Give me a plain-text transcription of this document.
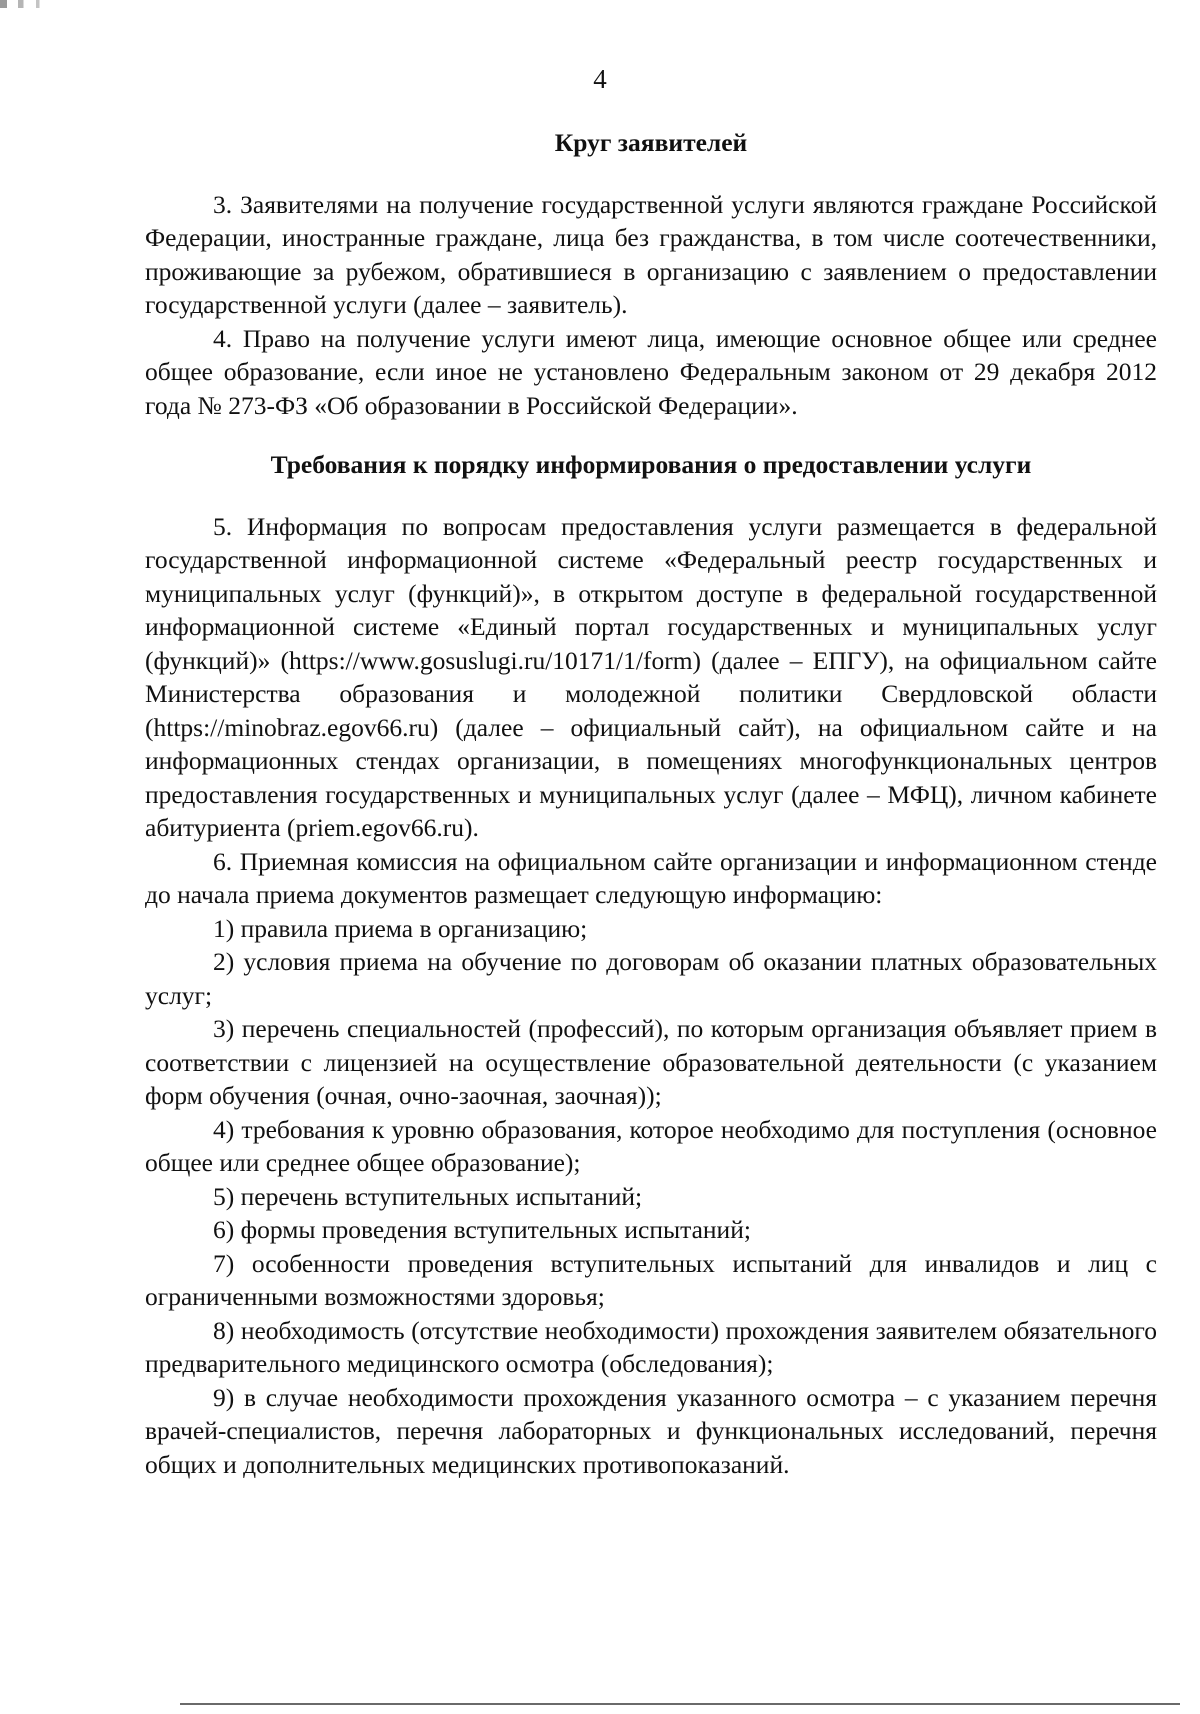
4
Круг заявителей

3. Заявителями на получение государственной услуги являются граждане Российской Федерации, иностранные граждане, лица без гражданства, в том числе соотечественники, проживающие за рубежом, обратившиеся в организацию с заявлением о предоставлении государственной услуги (далее – заявитель).

4. Право на получение услуги имеют лица, имеющие основное общее или среднее общее образование, если иное не установлено Федеральным законом от 29 декабря 2012 года № 273-ФЗ «Об образовании в Российской Федерации».

Требования к порядку информирования о предоставлении услуги

5. Информация по вопросам предоставления услуги размещается в федеральной государственной информационной системе «Федеральный реестр государственных и муниципальных услуг (функций)», в открытом доступе в федеральной государственной информационной системе «Единый портал государственных и муниципальных услуг (функций)» (https://www.gosuslugi.ru/10171/1/form) (далее – ЕПГУ), на официальном сайте Министерства образования и молодежной политики Свердловской области (https://minobraz.egov66.ru) (далее – официальный сайт), на официальном сайте и на информационных стендах организации, в помещениях многофункциональных центров предоставления государственных и муниципальных услуг (далее – МФЦ), личном кабинете абитуриента (priem.egov66.ru).

6. Приемная комиссия на официальном сайте организации и информационном стенде до начала приема документов размещает следующую информацию:

1) правила приема в организацию;

2) условия приема на обучение по договорам об оказании платных образовательных услуг;

3) перечень специальностей (профессий), по которым организация объявляет прием в соответствии с лицензией на осуществление образовательной деятельности (с указанием форм обучения (очная, очно-заочная, заочная));

4) требования к уровню образования, которое необходимо для поступления (основное общее или среднее общее образование);

5) перечень вступительных испытаний;

6) формы проведения вступительных испытаний;

7) особенности проведения вступительных испытаний для инвалидов и лиц с ограниченными возможностями здоровья;

8) необходимость (отсутствие необходимости) прохождения заявителем обязательного предварительного медицинского осмотра (обследования);

9) в случае необходимости прохождения указанного осмотра – с указанием перечня врачей-специалистов, перечня лабораторных и функциональных исследований, перечня общих и дополнительных медицинских противопоказаний.
